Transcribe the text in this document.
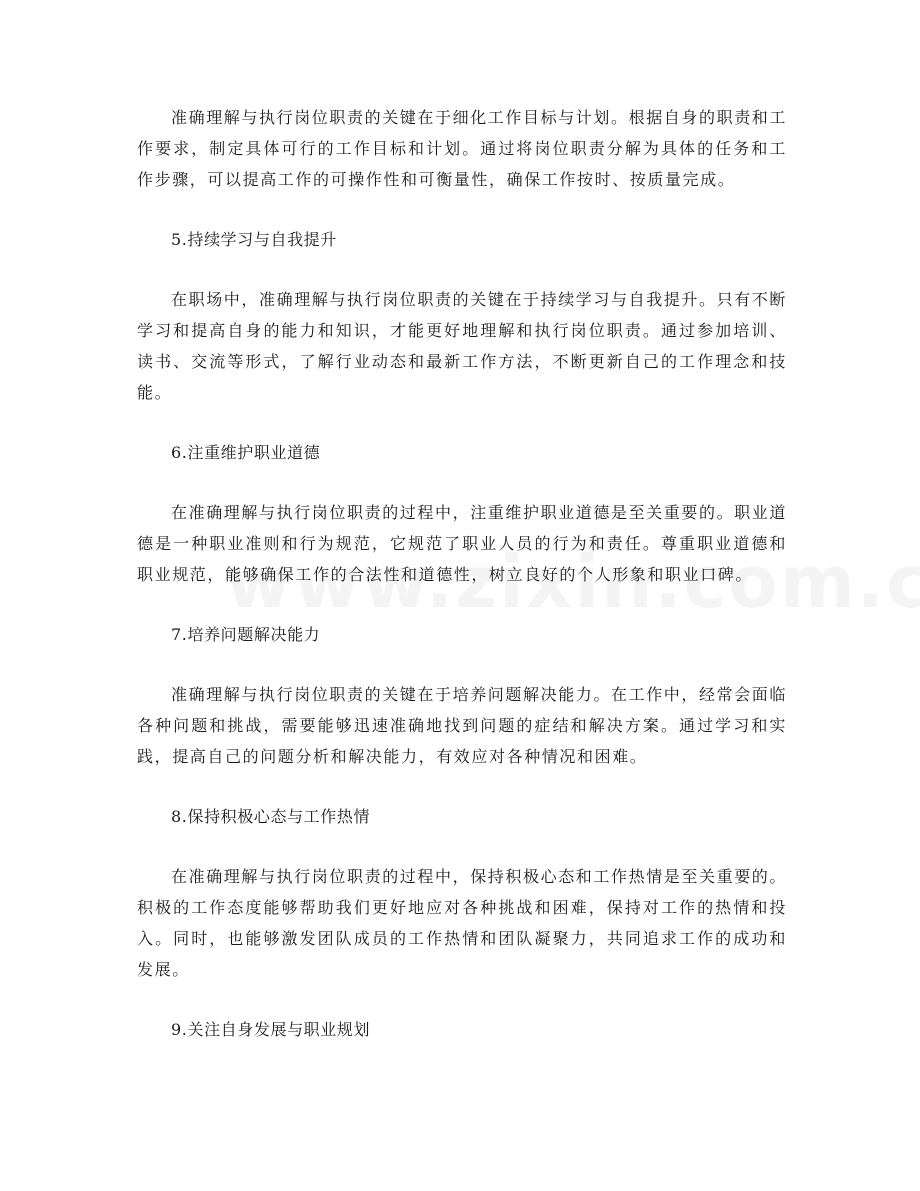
准确理解与执行岗位职责的关键在于细化工作目标与计划。根据自身的职责和工作要求，制定具体可行的工作目标和计划。通过将岗位职责分解为具体的任务和工作步骤，可以提高工作的可操作性和可衡量性，确保工作按时、按质量完成。

5.持续学习与自我提升

在职场中，准确理解与执行岗位职责的关键在于持续学习与自我提升。只有不断学习和提高自身的能力和知识，才能更好地理解和执行岗位职责。通过参加培训、读书、交流等形式，了解行业动态和最新工作方法，不断更新自己的工作理念和技能。

6.注重维护职业道德

在准确理解与执行岗位职责的过程中，注重维护职业道德是至关重要的。职业道德是一种职业准则和行为规范，它规范了职业人员的行为和责任。尊重职业道德和职业规范，能够确保工作的合法性和道德性，树立良好的个人形象和职业口碑。

7.培养问题解决能力

准确理解与执行岗位职责的关键在于培养问题解决能力。在工作中，经常会面临各种问题和挑战，需要能够迅速准确地找到问题的症结和解决方案。通过学习和实践，提高自己的问题分析和解决能力，有效应对各种情况和困难。

8.保持积极心态与工作热情

在准确理解与执行岗位职责的过程中，保持积极心态和工作热情是至关重要的。积极的工作态度能够帮助我们更好地应对各种挑战和困难，保持对工作的热情和投入。同时，也能够激发团队成员的工作热情和团队凝聚力，共同追求工作的成功和发展。

9.关注自身发展与职业规划
